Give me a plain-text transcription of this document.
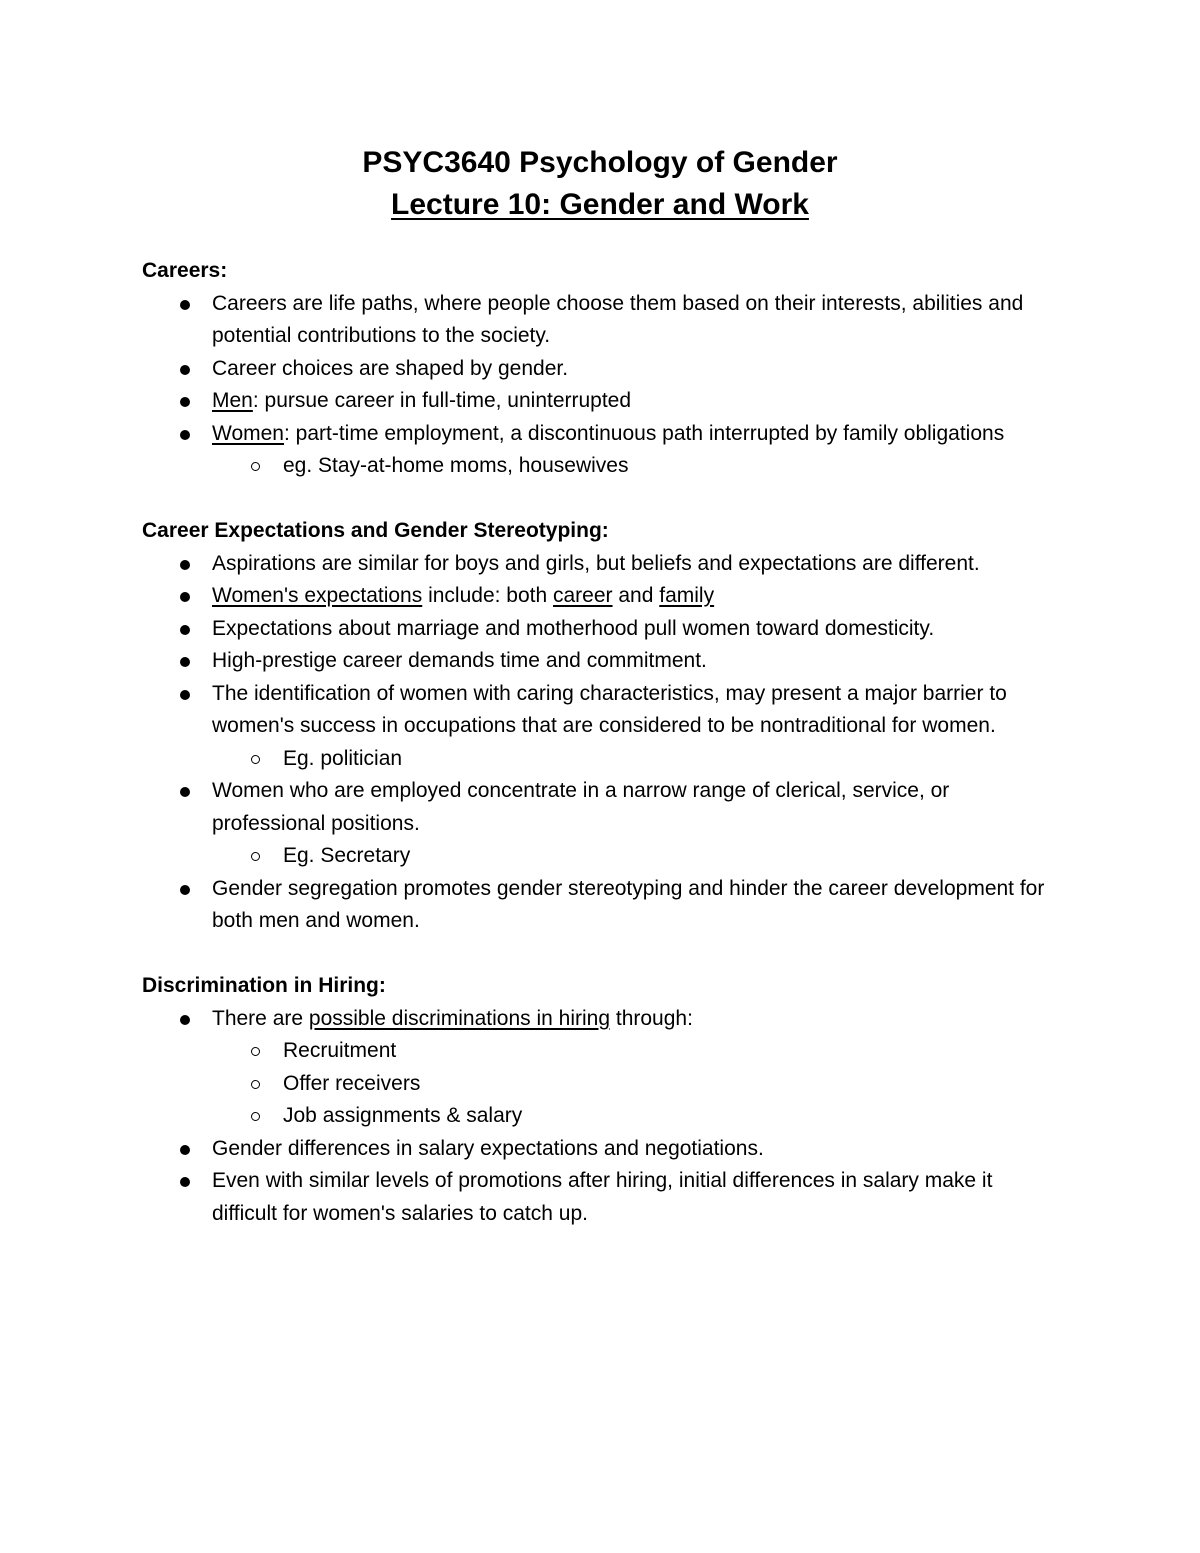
PSYC3640 Psychology of Gender

Lecture 10: Gender and Work

Careers:

Careers are life paths, where people choose them based on their interests, abilities and potential contributions to the society.
Career choices are shaped by gender.
Men: pursue career in full-time, uninterrupted
Women: part-time employment, a discontinuous path interrupted by family obligations
eg. Stay-at-home moms, housewives

Career Expectations and Gender Stereotyping:

Aspirations are similar for boys and girls, but beliefs and expectations are different.
Women's expectations include: both career and family
Expectations about marriage and motherhood pull women toward domesticity.
High-prestige career demands time and commitment.
The identification of women with caring characteristics, may present a major barrier to women's success in occupations that are considered to be nontraditional for women.
Eg. politician
Women who are employed concentrate in a narrow range of clerical, service, or professional positions.
Eg. Secretary
Gender segregation promotes gender stereotyping and hinder the career development for both men and women.

Discrimination in Hiring:

There are possible discriminations in hiring through:
Recruitment
Offer receivers
Job assignments & salary
Gender differences in salary expectations and negotiations.
Even with similar levels of promotions after hiring, initial differences in salary make it difficult for women's salaries to catch up.
